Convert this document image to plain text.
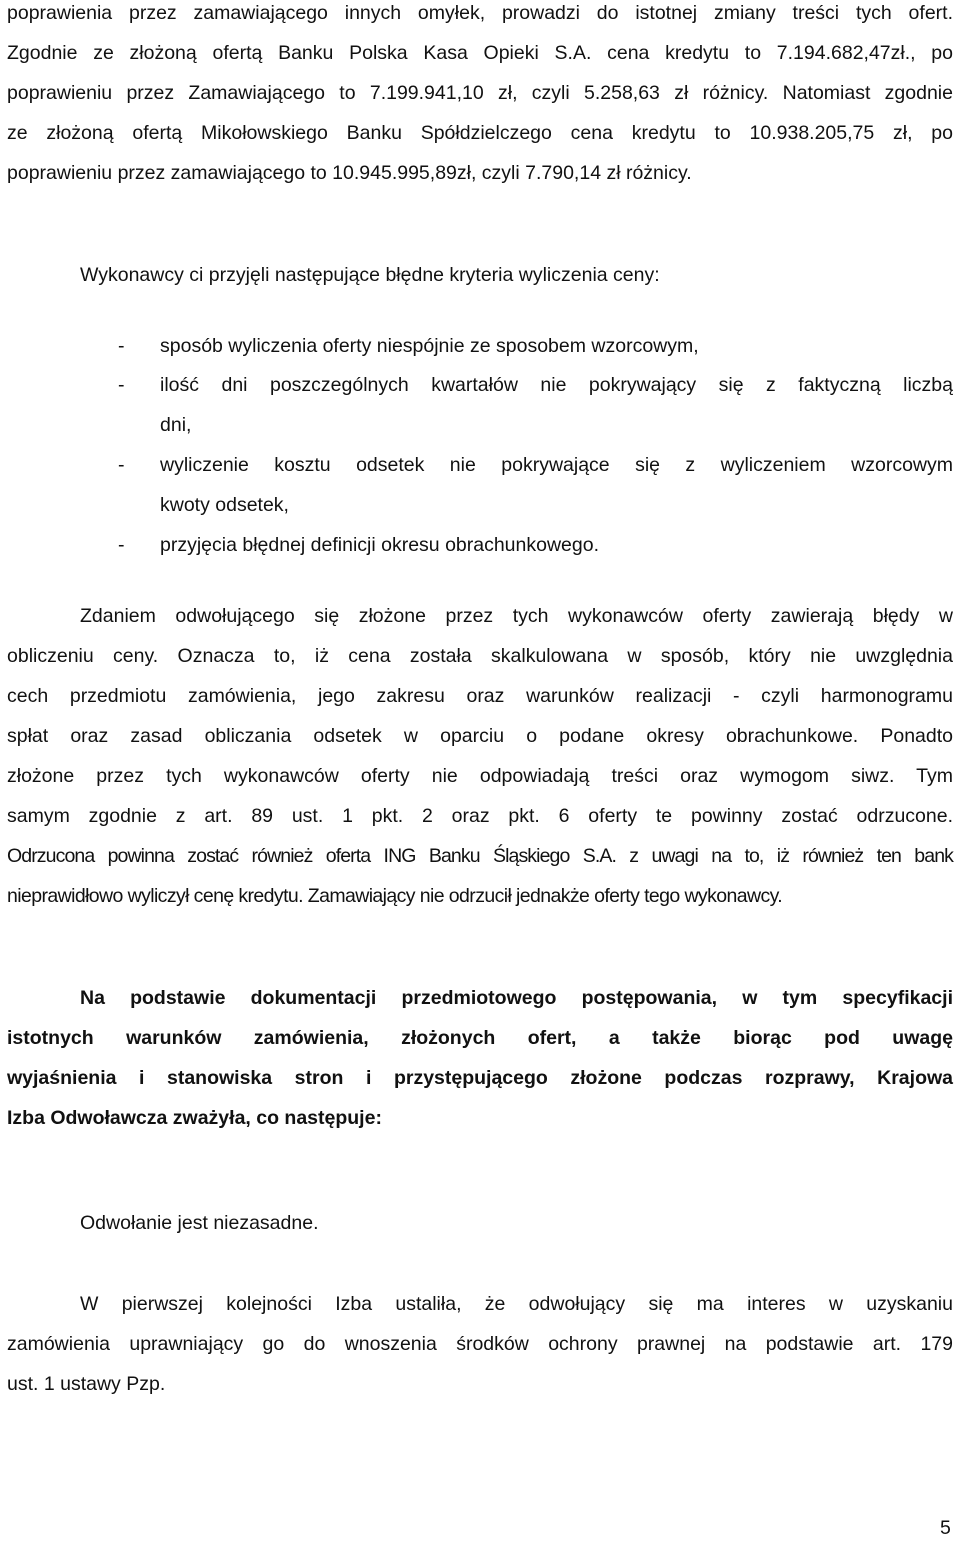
poprawienia przez zamawiającego innych omyłek, prowadzi do istotnej zmiany treści tych ofert.
Zgodnie ze złożoną ofertą Banku Polska Kasa Opieki S.A. cena kredytu to 7.194.682,47zł., po
poprawieniu przez Zamawiającego to 7.199.941,10 zł, czyli 5.258,63 zł różnicy. Natomiast zgodnie
ze złożoną ofertą Mikołowskiego Banku Spółdzielczego cena kredytu to 10.938.205,75 zł, po
poprawieniu przez zamawiającego to 10.945.995,89zł, czyli 7.790,14 zł różnicy.
Wykonawcy ci przyjęli następujące błędne kryteria wyliczenia ceny:
- sposób wyliczenia oferty niespójnie ze sposobem wzorcowym,
- ilość dni poszczególnych kwartałów nie pokrywający się z faktyczną liczbą
dni,
- wyliczenie kosztu odsetek nie pokrywające się z wyliczeniem wzorcowym
kwoty odsetek,
- przyjęcia błędnej definicji okresu obrachunkowego.
Zdaniem odwołującego się złożone przez tych wykonawców oferty zawierają błędy w
obliczeniu ceny. Oznacza to, iż cena została skalkulowana w sposób, który nie uwzględnia
cech przedmiotu zamówienia, jego zakresu oraz warunków realizacji - czyli harmonogramu
spłat oraz zasad obliczania odsetek w oparciu o podane okresy obrachunkowe. Ponadto
złożone przez tych wykonawców oferty nie odpowiadają treści oraz wymogom siwz. Tym
samym zgodnie z art. 89 ust. 1 pkt. 2 oraz pkt. 6 oferty te powinny zostać odrzucone.
Odrzucona powinna zostać również oferta ING Banku Śląskiego S.A. z uwagi na to, iż również ten bank
nieprawidłowo wyliczył cenę kredytu. Zamawiający nie odrzucił jednakże oferty tego wykonawcy.
Na podstawie dokumentacji przedmiotowego postępowania, w tym specyfikacji
istotnych warunków zamówienia, złożonych ofert, a także biorąc pod uwagę
wyjaśnienia i stanowiska stron i przystępującego złożone podczas rozprawy, Krajowa
Izba Odwoławcza zważyła, co następuje:
Odwołanie jest niezasadne.
W pierwszej kolejności Izba ustaliła, że odwołujący się ma interes w uzyskaniu
zamówienia uprawniający go do wnoszenia środków ochrony prawnej na podstawie art. 179
ust. 1 ustawy Pzp.
5
